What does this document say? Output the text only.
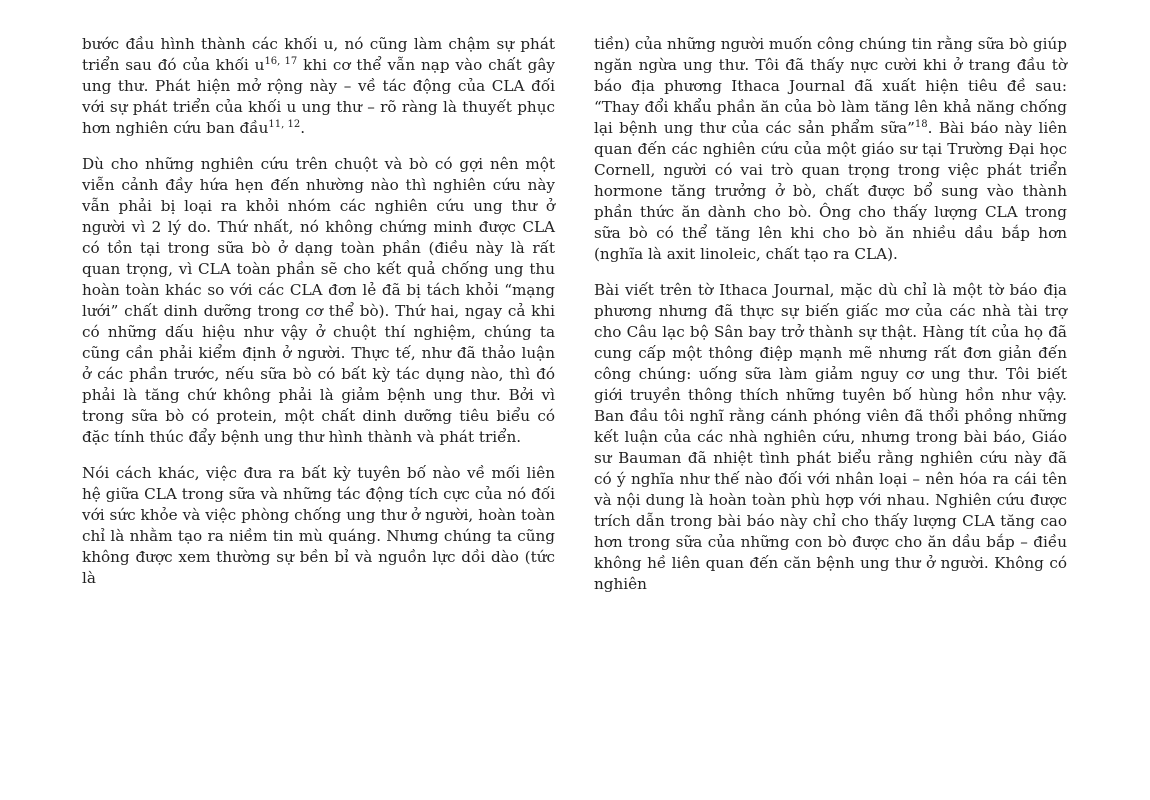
bước đầu hình thành các khối u, nó cũng làm chậm sự phát triển sau đó của khối $u^{16, 17}$ khi cơ thể vẫn nạp vào chất gây ung thư. Phát hiện mở rộng này – về tác động của CLA đối với sự phát triển của khối u ung thư – rõ ràng là thuyết phục hơn nghiên cứu ban đầu$^{11, 12}$.

Dù cho những nghiên cứu trên chuột và bò có gợi nên một viễn cảnh đầy hứa hẹn đến nhường nào thì nghiên cứu này vẫn phải bị loại ra khỏi nhóm các nghiên cứu ung thư ở người vì 2 lý do. Thứ nhất, nó không chứng minh được CLA có tồn tại trong sữa bò ở dạng toàn phần (điều này là rất quan trọng, vì CLA toàn phần sẽ cho kết quả chống ung thu hoàn toàn khác so với các CLA đơn lẻ đã bị tách khỏi “mạng lưới” chất dinh dưỡng trong cơ thể bò). Thứ hai, ngay cả khi có những dấu hiệu như vậy ở chuột thí nghiệm, chúng ta cũng cần phải kiểm định ở người. Thực tế, như đã thảo luận ở các phần trước, nếu sữa bò có bất kỳ tác dụng nào, thì đó phải là tăng chứ không phải là giảm bệnh ung thư. Bởi vì trong sữa bò có protein, một chất dinh dưỡng tiêu biểu có đặc tính thúc đẩy bệnh ung thư hình thành và phát triển.

Nói cách khác, việc đưa ra bất kỳ tuyên bố nào về mối liên hệ giữa CLA trong sữa và những tác động tích cực của nó đối với sức khỏe và việc phòng chống ung thư ở người, hoàn toàn chỉ là nhằm tạo ra niềm tin mù quáng. Nhưng chúng ta cũng không được xem thường sự bền bỉ và nguồn lực dồi dào (tức là

tiền) của những người muốn công chúng tin rằng sữa bò giúp ngăn ngừa ung thư. Tôi đã thấy nực cười khi ở trang đầu tờ báo địa phương Ithaca Journal đã xuất hiện tiêu đề sau: “Thay đổi khẩu phần ăn của bò làm tăng lên khả năng chống lại bệnh ung thư của các sản phẩm sữa”$^{18}$. Bài báo này liên quan đến các nghiên cứu của một giáo sư tại Trường Đại học Cornell, người có vai trò quan trọng trong việc phát triển hormone tăng trưởng ở bò, chất được bổ sung vào thành phần thức ăn dành cho bò. Ông cho thấy lượng CLA trong sữa bò có thể tăng lên khi cho bò ăn nhiều dầu bắp hơn (nghĩa là axit linoleic, chất tạo ra CLA).

Bài viết trên tờ Ithaca Journal, mặc dù chỉ là một tờ báo địa phương nhưng đã thực sự biến giấc mơ của các nhà tài trợ cho Câu lạc bộ Sân bay trở thành sự thật. Hàng tít của họ đã cung cấp một thông điệp mạnh mẽ nhưng rất đơn giản đến công chúng: uống sữa làm giảm nguy cơ ung thư. Tôi biết giới truyền thông thích những tuyên bố hùng hồn như vậy. Ban đầu tôi nghĩ rằng cánh phóng viên đã thổi phồng những kết luận của các nhà nghiên cứu, nhưng trong bài báo, Giáo sư Bauman đã nhiệt tình phát biểu rằng nghiên cứu này đã có ý nghĩa như thế nào đối với nhân loại – nên hóa ra cái tên và nội dung là hoàn toàn phù hợp với nhau. Nghiên cứu được trích dẫn trong bài báo này chỉ cho thấy lượng CLA tăng cao hơn trong sữa của những con bò được cho ăn dầu bắp – điều không hề liên quan đến căn bệnh ung thư ở người. Không có nghiên
